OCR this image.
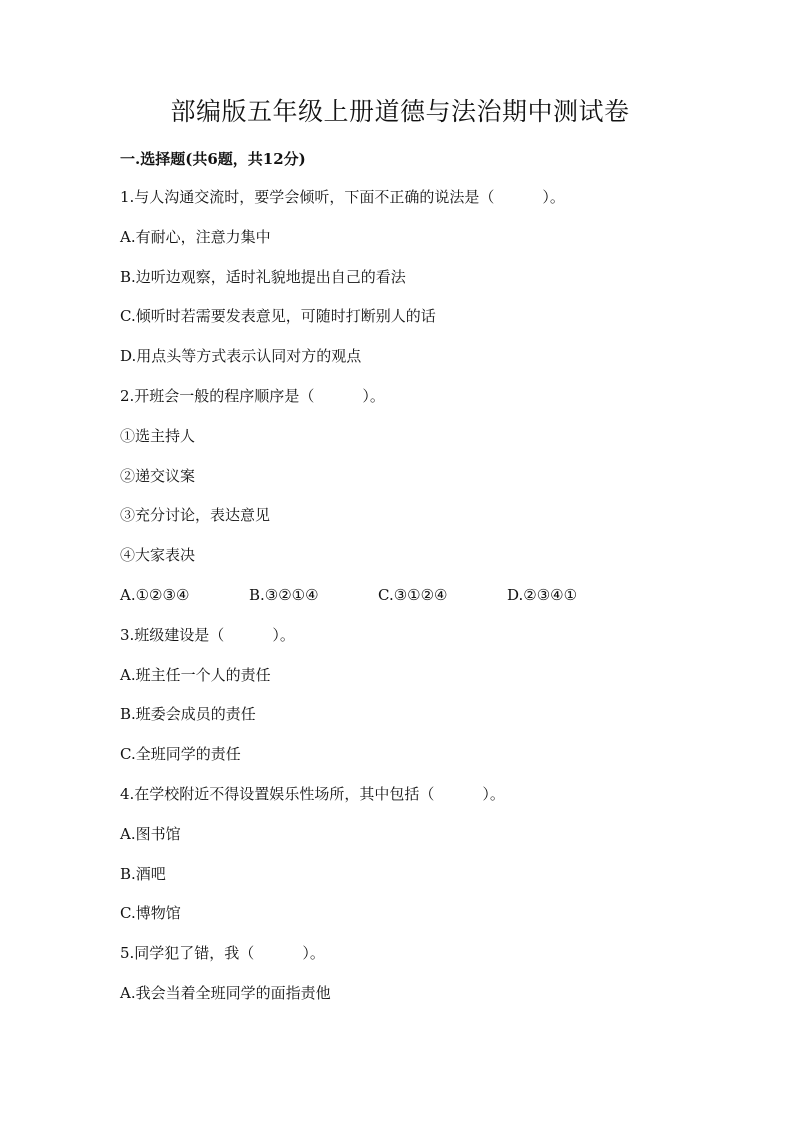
部编版五年级上册道德与法治期中测试卷
一.选择题(共6题，共12分)
1.与人沟通交流时，要学会倾听，下面不正确的说法是（	）。
A.有耐心，注意力集中
B.边听边观察，适时礼貌地提出自己的看法
C.倾听时若需要发表意见，可随时打断别人的话
D.用点头等方式表示认同对方的观点
2.开班会一般的程序顺序是（	）。
①选主持人
②递交议案
③充分讨论，表达意见
④大家表决
A.①②③④	B.③②①④	C.③①②④	D.②③④①
3.班级建设是（	）。
A.班主任一个人的责任
B.班委会成员的责任
C.全班同学的责任
4.在学校附近不得设置娱乐性场所，其中包括（	）。
A.图书馆
B.酒吧
C.博物馆
5.同学犯了错，我（	）。
A.我会当着全班同学的面指责他
